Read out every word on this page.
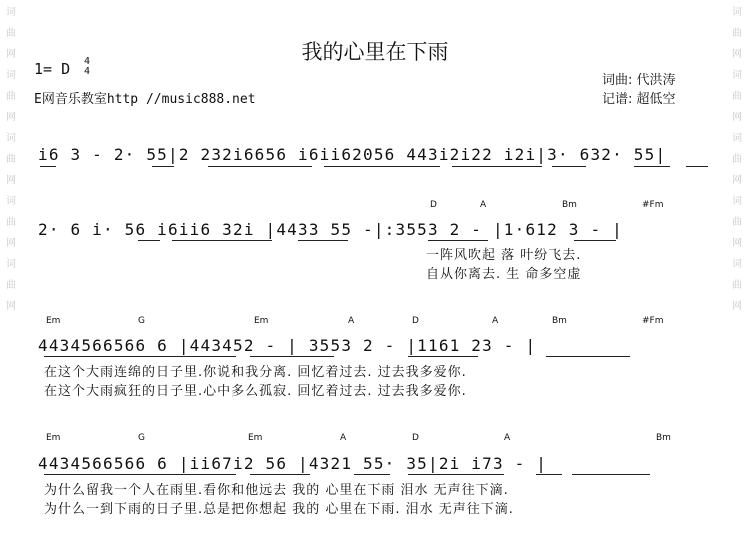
词
曲
网
词
曲
网
词
曲
网
词
曲
网
词
曲
网
词
曲
网
词
曲
网
词
曲
网
词
曲
网
词
曲
网
我的心里在下雨
1= D 4
4
E网音乐教室http //music888.net
词曲: 代洪涛
记谱: 超低空
i6 3 - 2· 55|2 232i6656 i6ii62056 443i2i22 i2i|3· 632· 55|
D	A	Bm	#Fm
2· 6 i· 56 i6ii6 32i |4433 55 -|:3553 2 - |1·612 3 - |
一阵风吹起 落 叶纷飞去.
自从你离去. 生 命多空虚
Em	G	Em	A	D	A	Bm	#Fm
4434566566 6 |443452 - | 3553 2 - |1161 23 - |
在这个大雨连绵的日子里.你说和我分离. 回忆着过去. 过去我多爱你.
在这个大雨疯狂的日子里.心中多么孤寂. 回忆着过去. 过去我多爱你.
Em	G	Em	A	D	A	Bm
4434566566 6 |ii67i2 56 |4321 55· 35|2i i73 - |
为什么留我一个人在雨里.看你和他远去 我的 心里在下雨 泪水 无声往下滴.
为什么一到下雨的日子里.总是把你想起 我的 心里在下雨. 泪水 无声往下滴.
